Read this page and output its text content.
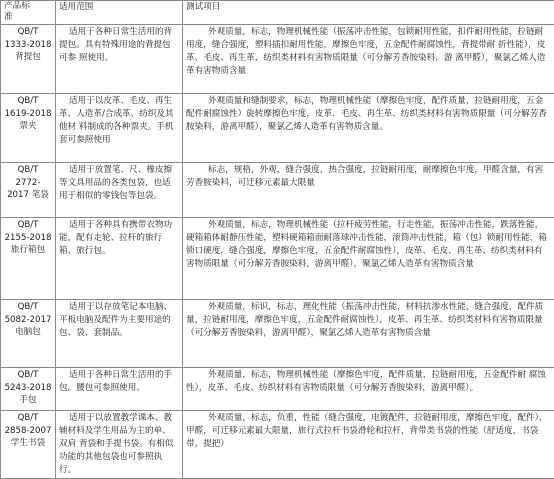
产品标
准	适用范围	测试项目

QB/T
1333-2018
背提包	适用于各种日常生活用的背提包。具有特殊用途的背提包可参 照使用。	外观质量，标志，物理机械性能（振荡冲击性能，包锁耐用性能，扣件耐用性能，拉链耐用度，缝合强度，塑料插扣耐用性能，摩擦色牢度，五金配件耐腐蚀性，背提带耐 折性能），皮革、毛皮、再生革、纺织类材料有害物质限量（可分解芳香胺染料，游 离甲醛），聚氯乙烯人造革有害物质含量

QB/T
1619-2018
票夹	适用于以皮革、毛皮、再生革、人造革/合成革、纺织及其他材 料制成的各种票夹。手机套可参照使用	外观质量和缝制要求，标志，物理机械性能（摩擦色牢度，配件质量，拉链耐用度，五金配件耐腐蚀性）旋转摩擦色牢度，皮革、毛皮、再生革、纺织类材料有害物质限量（可分解芳香胺染料，游离甲醛），聚氯乙烯人造革有害物质含量。

QB/T
2772-
2017 笔袋	适用于放置笔、尺、橡皮擦等文具用品的各类包袋，也适用于相似的零钱包等包袋。	标志，规格，外观，缝合强度，热合强度，拉链耐用度，耐摩擦色牢度，甲醛含量，有害芳香胺染料，可迁移元素最大限量

QB/T
2155-2018
旅行箱包	适用于各种具有携带衣物功能，配有走轮、拉杆的旅行箱、旅行包。	外观质量，标志，物理机械性能（拉杆疲劳性能，行走性能，振荡冲击性能，跌落性能，硬箱箱体耐静压性能，塑料硬箱箱面耐落球冲击性能，滚筒冲击性能，箱（包）锁耐用性能，箱锁口硬度，缝合强度，摩擦色牢度，五金配件耐腐蚀性），皮革、毛皮、再生革、纺织类材料有害物质限量（可分解芳香胺染料，游离甲醛），聚氯乙烯人造革有害物质含量

QB/T
5082-2017
电脑包	适用于以存放笔记本电脑、平板电脑及配件为主要用途的包、袋、套制品。	外观质量，标识，标志，理化性能（振荡冲击性能，材料抗渗水性能，缝合强度，配件质量，拉链耐用度，摩擦色牢度，五金配件耐腐蚀性），皮革、再生革、纺织类材料有害物质限量（可分解芳香胺染料，游离甲醛），聚氯乙烯人造革有害物质含量

QB/T
5243-2018
手包	适用于各种日常生活用的手包。腰包可参照使用。	外观质量，标志，物理机械性能（摩擦色牢度，配件质量，拉链耐用度，五金配件耐 腐蚀性），皮革、毛皮、纺织材料有害物质限量（可分解芳香胺染料，游离甲醛）。

QB/T
2858-2007
学生书袋	适用于以放置教学课本、教辅材料及学生用品为主的单、双肩 背袋和手提书袋。有相似功能的其他包袋也可参照执行。	外观质量，标志，负重，性能（缝合强度，电镀配件，拉链耐用度，摩擦色牢度，配件），甲醛，可迁移元素最大限量，旅行式拉杆书袋滑轮和拉杆，背带类书袋的性能（舒适度，书袋带，提把）
